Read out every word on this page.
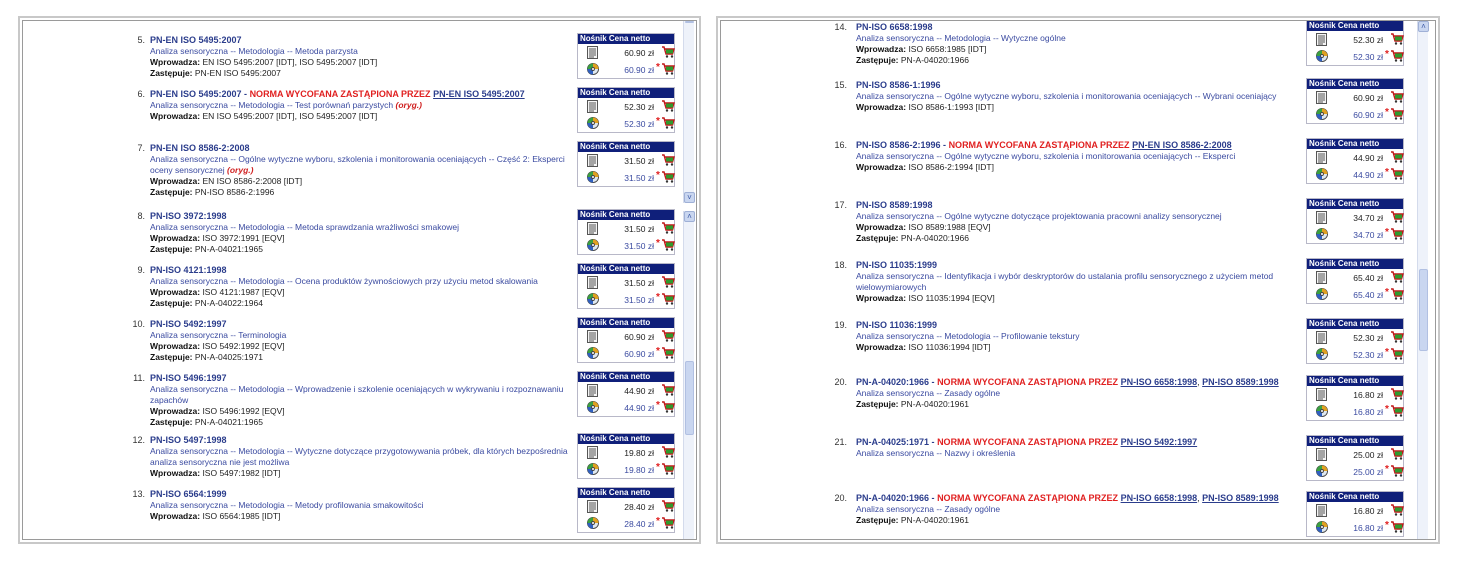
5. PN-EN ISO 5495:2007
Analiza sensoryczna -- Metodologia -- Metoda parzysta
Wprowadza: EN ISO 5495:2007 [IDT], ISO 5495:2007 [IDT]
Zastępuje: PN-EN ISO 5495:2007
Nośnik Cena netto
60.90 zł
60.90 zł *
6. PN-EN ISO 5495:2007 - NORMA WYCOFANA ZASTĄPIONA PRZEZ PN-EN ISO 5495:2007
Analiza sensoryczna -- Metodologia -- Test porównań parzystych (oryg.)
Wprowadza: EN ISO 5495:2007 [IDT], ISO 5495:2007 [IDT]
Nośnik Cena netto
52.30 zł
52.30 zł *
7. PN-EN ISO 8586-2:2008
Analiza sensoryczna -- Ogólne wytyczne wyboru, szkolenia i monitorowania oceniających -- Część 2: Eksperci oceny sensorycznej (oryg.)
Wprowadza: EN ISO 8586-2:2008 [IDT]
Zastępuje: PN-ISO 8586-2:1996
Nośnik Cena netto
31.50 zł
31.50 zł *
8. PN-ISO 3972:1998
Analiza sensoryczna -- Metodologia -- Metoda sprawdzania wrażliwości smakowej
Wprowadza: ISO 3972:1991 [EQV]
Zastępuje: PN-A-04021:1965
Nośnik Cena netto
31.50 zł
31.50 zł *
9. PN-ISO 4121:1998
Analiza sensoryczna -- Metodologia -- Ocena produktów żywnościowych przy użyciu metod skalowania
Wprowadza: ISO 4121:1987 [EQV]
Zastępuje: PN-A-04022:1964
Nośnik Cena netto
31.50 zł
31.50 zł *
10. PN-ISO 5492:1997
Analiza sensoryczna -- Terminologia
Wprowadza: ISO 5492:1992 [EQV]
Zastępuje: PN-A-04025:1971
Nośnik Cena netto
60.90 zł
60.90 zł *
11. PN-ISO 5496:1997
Analiza sensoryczna -- Metodologia -- Wprowadzenie i szkolenie oceniających w wykrywaniu i rozpoznawaniu zapachów
Wprowadza: ISO 5496:1992 [EQV]
Zastępuje: PN-A-04021:1965
Nośnik Cena netto
44.90 zł
44.90 zł *
12. PN-ISO 5497:1998
Analiza sensoryczna -- Metodologia -- Wytyczne dotyczące przygotowywania próbek, dla których bezpośrednia analiza sensoryczna nie jest możliwa
Wprowadza: ISO 5497:1982 [IDT]
Nośnik Cena netto
19.80 zł
19.80 zł *
13. PN-ISO 6564:1999
Analiza sensoryczna -- Metodologia -- Metody profilowania smakowitości
Wprowadza: ISO 6564:1985 [IDT]
Nośnik Cena netto
28.40 zł
28.40 zł *
˅
˄
14. PN-ISO 6658:1998
Analiza sensoryczna -- Metodologia -- Wytyczne ogólne
Wprowadza: ISO 6658:1985 [IDT]
Zastępuje: PN-A-04020:1966
Nośnik Cena netto
52.30 zł
52.30 zł *
15. PN-ISO 8586-1:1996
Analiza sensoryczna -- Ogólne wytyczne wyboru, szkolenia i monitorowania oceniających -- Wybrani oceniający
Wprowadza: ISO 8586-1:1993 [IDT]
Nośnik Cena netto
60.90 zł
60.90 zł *
16. PN-ISO 8586-2:1996 - NORMA WYCOFANA ZASTĄPIONA PRZEZ PN-EN ISO 8586-2:2008
Analiza sensoryczna -- Ogólne wytyczne wyboru, szkolenia i monitorowania oceniających -- Eksperci
Wprowadza: ISO 8586-2:1994 [IDT]
Nośnik Cena netto
44.90 zł
44.90 zł *
17. PN-ISO 8589:1998
Analiza sensoryczna -- Ogólne wytyczne dotyczące projektowania pracowni analizy sensorycznej
Wprowadza: ISO 8589:1988 [EQV]
Zastępuje: PN-A-04020:1966
Nośnik Cena netto
34.70 zł
34.70 zł *
18. PN-ISO 11035:1999
Analiza sensoryczna -- Identyfikacja i wybór deskryptorów do ustalania profilu sensorycznego z użyciem metod wielowymiarowych
Wprowadza: ISO 11035:1994 [EQV]
Nośnik Cena netto
65.40 zł
65.40 zł *
19. PN-ISO 11036:1999
Analiza sensoryczna -- Metodologia -- Profilowanie tekstury
Wprowadza: ISO 11036:1994 [IDT]
Nośnik Cena netto
52.30 zł
52.30 zł *
20. PN-A-04020:1966 - NORMA WYCOFANA ZASTĄPIONA PRZEZ PN-ISO 6658:1998, PN-ISO 8589:1998
Analiza sensoryczna -- Zasady ogólne
Zastępuje: PN-A-04020:1961
Nośnik Cena netto
16.80 zł
16.80 zł *
21. PN-A-04025:1971 - NORMA WYCOFANA ZASTĄPIONA PRZEZ PN-ISO 5492:1997
Analiza sensoryczna -- Nazwy i określenia
Nośnik Cena netto
25.00 zł
25.00 zł *
20. PN-A-04020:1966 - NORMA WYCOFANA ZASTĄPIONA PRZEZ PN-ISO 6658:1998, PN-ISO 8589:1998
Analiza sensoryczna -- Zasady ogólne
Zastępuje: PN-A-04020:1961
Nośnik Cena netto
16.80 zł
16.80 zł *
˄
